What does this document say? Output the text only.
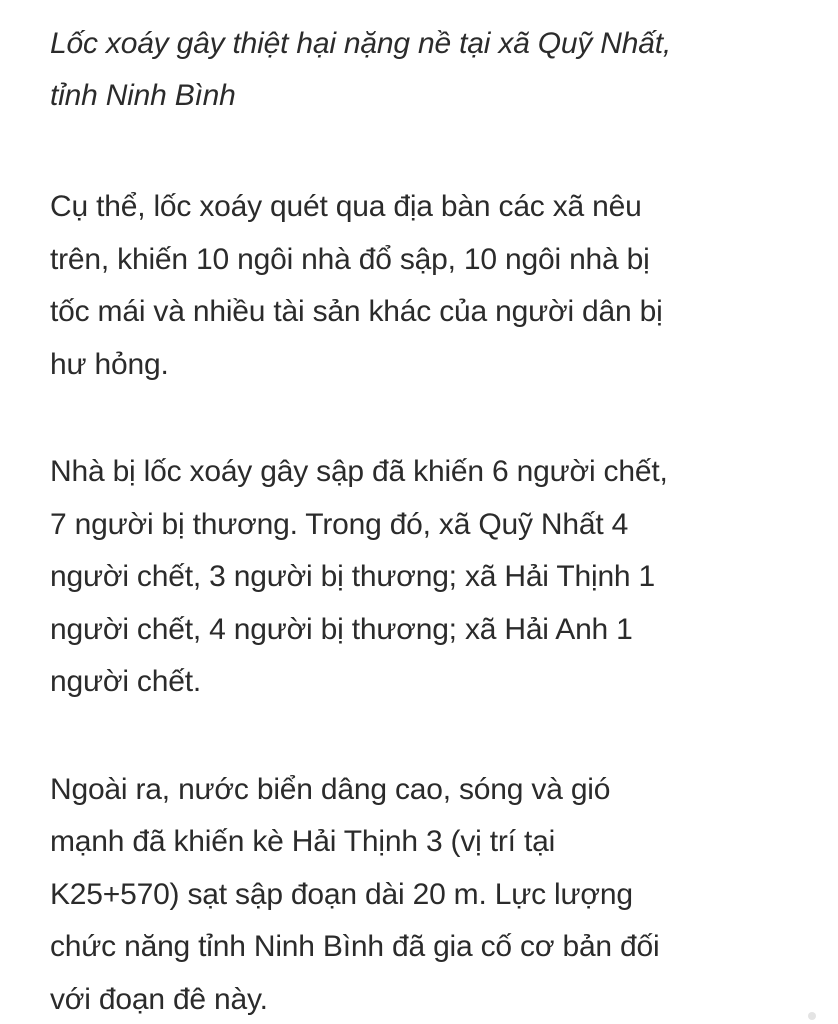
Lốc xoáy gây thiệt hại nặng nề tại xã Quỹ Nhất,
tỉnh Ninh Bình

Cụ thể, lốc xoáy quét qua địa bàn các xã nêu
trên, khiến 10 ngôi nhà đổ sập, 10 ngôi nhà bị
tốc mái và nhiều tài sản khác của người dân bị
hư hỏng.

Nhà bị lốc xoáy gây sập đã khiến 6 người chết,
7 người bị thương. Trong đó, xã Quỹ Nhất 4
người chết, 3 người bị thương; xã Hải Thịnh 1
người chết, 4 người bị thương; xã Hải Anh 1
người chết.

Ngoài ra, nước biển dâng cao, sóng và gió
mạnh đã khiến kè Hải Thịnh 3 (vị trí tại
K25+570) sạt sập đoạn dài 20 m. Lực lượng
chức năng tỉnh Ninh Bình đã gia cố cơ bản đối
với đoạn đê này.
